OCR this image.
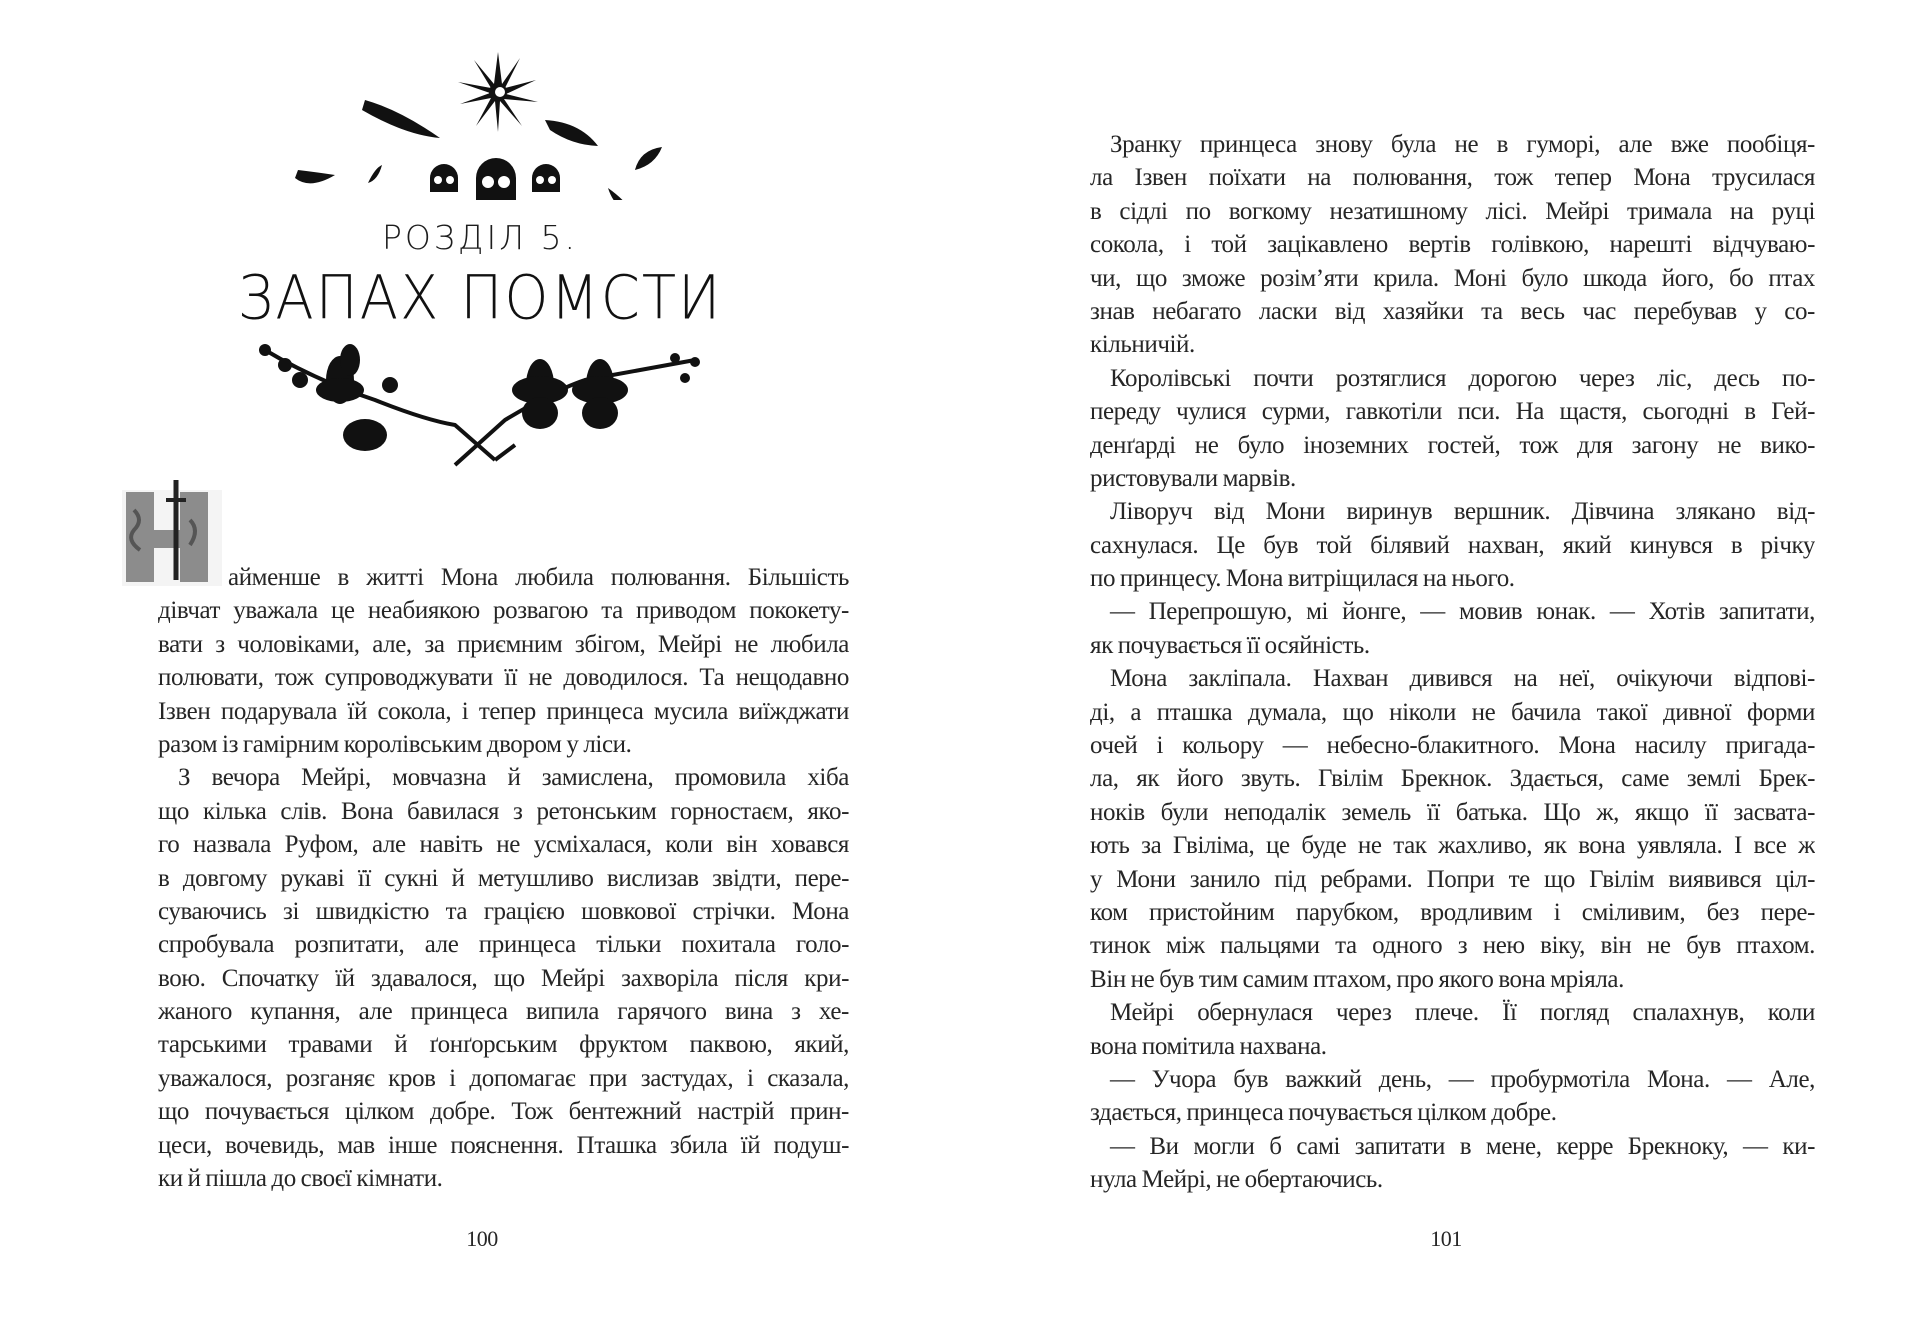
РОЗДІЛ 5.
ЗАПАХ ПОМСТИ
айменше в житті Мона любила полювання. Більшість
дівчат уважала це неабиякою розвагою та приводом пококету-
вати з чоловіками, але, за приємним збігом, Мейрі не любила
полювати, тож супроводжувати її не доводилося. Та нещодавно
Ізвен подарувала їй сокола, і тепер принцеса мусила виїжджати
разом із гамірним королівським двором у ліси.
З вечора Мейрі, мовчазна й замислена, промовила хіба
що кілька слів. Вона бавилася з ретонським горностаєм, яко-
го назвала Руфом, але навіть не усміхалася, коли він ховався
в довгому рукаві її сукні й метушливо вислизав звідти, пере-
суваючись зі швидкістю та грацією шовкової стрічки. Мона
спробувала розпитати, але принцеса тільки похитала голо-
вою. Спочатку їй здавалося, що Мейрі захворіла після кри-
жаного купання, але принцеса випила гарячого вина з хе-
тарськими травами й ґонґорським фруктом паквою, який,
уважалося, розганяє кров і допомагає при застудах, і сказала,
що почувається цілком добре. Тож бентежний настрій прин-
цеси, вочевидь, мав інше пояснення. Пташка збила їй подуш-
ки й пішла до своєї кімнати.
100
Зранку принцеса знову була не в гуморі, але вже пообіця-
ла Ізвен поїхати на полювання, тож тепер Мона трусилася
в сідлі по вогкому незатишному лісі. Мейрі тримала на руці
сокола, і той зацікавлено вертів голівкою, нарешті відчуваю-
чи, що зможе розім’яти крила. Моні було шкода його, бо птах
знав небагато ласки від хазяйки та весь час перебував у со-
кільничій.
Королівські почти розтяглися дорогою через ліс, десь по-
переду чулися сурми, гавкотіли пси. На щастя, сьогодні в Гей-
денґарді не було іноземних гостей, тож для загону не вико-
ристовували марвів.
Ліворуч від Мони виринув вершник. Дівчина злякано від-
сахнулася. Це був той білявий нахван, який кинувся в річку
по принцесу. Мона витріщилася на нього.
— Перепрошую, мі йонге, — мовив юнак. — Хотів запитати,
як почувається її осяйність.
Мона закліпала. Нахван дивився на неї, очікуючи відпові-
ді, а пташка думала, що ніколи не бачила такої дивної форми
очей і кольору — небесно-блакитного. Мона насилу пригада-
ла, як його звуть. Гвілім Брекнок. Здається, саме землі Брек-
ноків були неподалік земель її батька. Що ж, якщо її засвата-
ють за Гвіліма, це буде не так жахливо, як вона уявляла. І все ж
у Мони занило під ребрами. Попри те що Гвілім виявився ціл-
ком пристойним парубком, вродливим і сміливим, без пере-
тинок між пальцями та одного з нею віку, він не був птахом.
Він не був тим самим птахом, про якого вона мріяла.
Мейрі обернулася через плече. Її погляд спалахнув, коли
вона помітила нахвана.
— Учора був важкий день, — пробурмотіла Мона. — Але,
здається, принцеса почувається цілком добре.
— Ви могли б самі запитати в мене, керре Брекноку, — ки-
нула Мейрі, не обертаючись.
101
